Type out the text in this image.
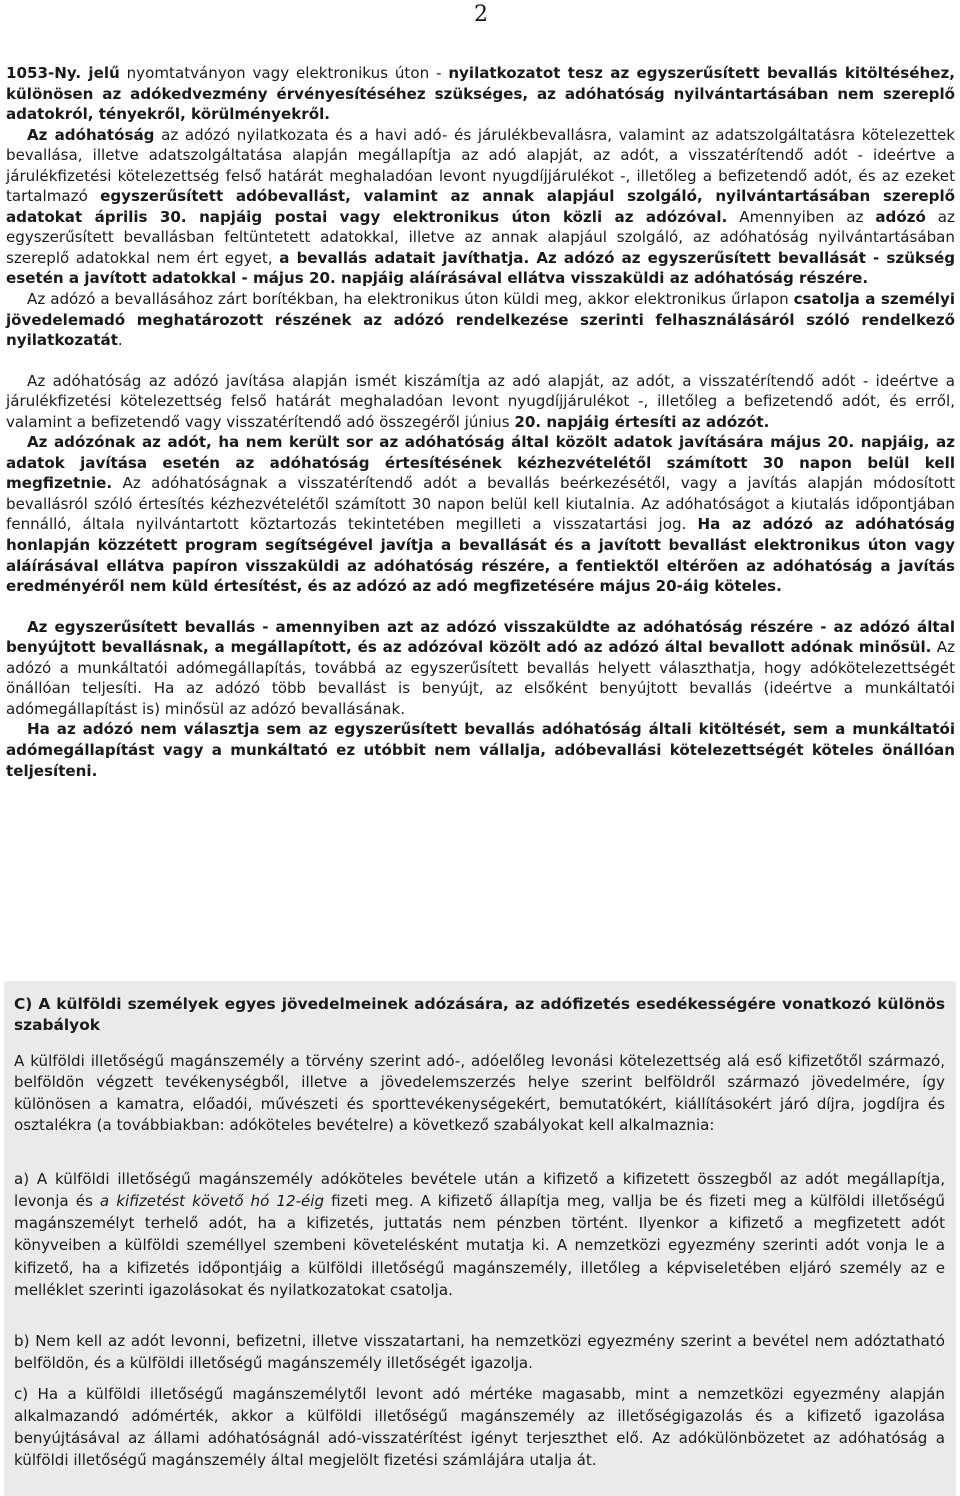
2

1053-Ny. jelű nyomtatványon vagy elektronikus úton - nyilatkozatot tesz az egyszerűsített bevallás kitöltéséhez, különösen az adókedvezmény érvényesítéséhez szükséges, az adóhatóság nyilvántartásában nem szereplő adatokról, tényekről, körülményekről.

Az adóhatóság az adózó nyilatkozata és a havi adó- és járulékbevallásra, valamint az adatszolgáltatásra kötelezettek bevallása, illetve adatszolgáltatása alapján megállapítja az adó alapját, az adót, a visszatérítendő adót - ideértve a járulékfizetési kötelezettség felső határát meghaladóan levont nyugdíjjárulékot -, illetőleg a befizetendő adót, és az ezeket tartalmazó egyszerűsített adóbevallást, valamint az annak alapjául szolgáló, nyilvántartásában szereplő adatokat április 30. napjáig postai vagy elektronikus úton közli az adózóval. Amennyiben az adózó az egyszerűsített bevallásban feltüntetett adatokkal, illetve az annak alapjául szolgáló, az adóhatóság nyilvántartásában szereplő adatokkal nem ért egyet, a bevallás adatait javíthatja. Az adózó az egyszerűsített bevallását - szükség esetén a javított adatokkal - május 20. napjáig aláírásával ellátva visszaküldi az adóhatóság részére.

Az adózó a bevallásához zárt borítékban, ha elektronikus úton küldi meg, akkor elektronikus űrlapon csatolja a személyi jövedelemadó meghatározott részének az adózó rendelkezése szerinti felhasználásáról szóló rendelkező nyilatkozatát.

Az adóhatóság az adózó javítása alapján ismét kiszámítja az adó alapját, az adót, a visszatérítendő adót - ideértve a járulékfizetési kötelezettség felső határát meghaladóan levont nyugdíjjárulékot -, illetőleg a befizetendő adót, és erről, valamint a befizetendő vagy visszatérítendő adó összegéről június 20. napjáig értesíti az adózót.

Az adózónak az adót, ha nem került sor az adóhatóság által közölt adatok javítására május 20. napjáig, az adatok javítása esetén az adóhatóság értesítésének kézhezvételétől számított 30 napon belül kell megfizetnie. Az adóhatóságnak a visszatérítendő adót a bevallás beérkezésétől, vagy a javítás alapján módosított bevallásról szóló értesítés kézhezvételétől számított 30 napon belül kell kiutalnia. Az adóhatóságot a kiutalás időpontjában fennálló, általa nyilvántartott köztartozás tekintetében megilleti a visszatartási jog. Ha az adózó az adóhatóság honlapján közzétett program segítségével javítja a bevallását és a javított bevallást elektronikus úton vagy aláírásával ellátva papíron visszaküldi az adóhatóság részére, a fentiektől eltérően az adóhatóság a javítás eredményéről nem küld értesítést, és az adózó az adó megfizetésére május 20-áig köteles.

Az egyszerűsített bevallás - amennyiben azt az adózó visszaküldte az adóhatóság részére - az adózó által benyújtott bevallásnak, a megállapított, és az adózóval közölt adó az adózó által bevallott adónak minősül. Az adózó a munkáltatói adómegállapítás, továbbá az egyszerűsített bevallás helyett választhatja, hogy adókötelezettségét önállóan teljesíti. Ha az adózó több bevallást is benyújt, az elsőként benyújtott bevallás (ideértve a munkáltatói adómegállapítást is) minősül az adózó bevallásának.

Ha az adózó nem választja sem az egyszerűsített bevallás adóhatóság általi kitöltését, sem a munkáltatói adómegállapítást vagy a munkáltató ez utóbbit nem vállalja, adóbevallási kötelezettségét köteles önállóan teljesíteni.

C) A külföldi személyek egyes jövedelmeinek adózására, az adófizetés esedékességére vonatkozó különös szabályok

A külföldi illetőségű magánszemély a törvény szerint adó-, adóelőleg levonási kötelezettség alá eső kifizetőtől származó, belföldön végzett tevékenységből, illetve a jövedelemszerzés helye szerint belföldről származó jövedelmére, így különösen a kamatra, előadói, művészeti és sporttevékenységekért, bemutatókért, kiállításokért járó díjra, jogdíjra és osztalékra (a továbbiakban: adóköteles bevételre) a következő szabályokat kell alkalmaznia:

a) A külföldi illetőségű magánszemély adóköteles bevétele után a kifizető a kifizetett összegből az adót megállapítja, levonja és a kifizetést követő hó 12-éig fizeti meg. A kifizető állapítja meg, vallja be és fizeti meg a külföldi illetőségű magánszemélyt terhelő adót, ha a kifizetés, juttatás nem pénzben történt. Ilyenkor a kifizető a megfizetett adót könyveiben a külföldi személlyel szembeni követelésként mutatja ki. A nemzetközi egyezmény szerinti adót vonja le a kifizető, ha a kifizetés időpontjáig a külföldi illetőségű magánszemély, illetőleg a képviseletében eljáró személy az e melléklet szerinti igazolásokat és nyilatkozatokat csatolja.

b) Nem kell az adót levonni, befizetni, illetve visszatartani, ha nemzetközi egyezmény szerint a bevétel nem adóztatható belföldön, és a külföldi illetőségű magánszemély illetőségét igazolja.

c) Ha a külföldi illetőségű magánszemélytől levont adó mértéke magasabb, mint a nemzetközi egyezmény alapján alkalmazandó adómérték, akkor a külföldi illetőségű magánszemély az illetőségigazolás és a kifizető igazolása benyújtásával az állami adóhatóságnál adó-visszatérítést igényt terjeszthet elő. Az adókülönbözetet az adóhatóság a külföldi illetőségű magánszemély által megjelölt fizetési számlájára utalja át.
